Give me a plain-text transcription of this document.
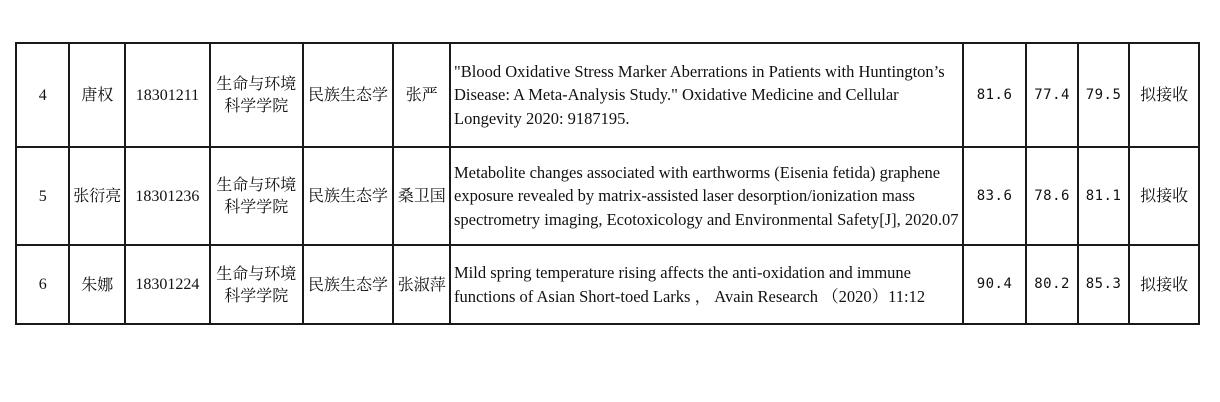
4	唐权	18301211	生命与环境科学学院	民族生态学	张严	"Blood Oxidative Stress Marker Aberrations in Patients with Huntington’s Disease: A Meta-Analysis Study." Oxidative Medicine and Cellular Longevity 2020: 9187195.	81.6	77.4	79.5	拟接收
5	张衍亮	18301236	生命与环境科学学院	民族生态学	桑卫国	Metabolite changes associated with earthworms (Eisenia fetida) graphene exposure revealed by matrix-assisted laser desorption/ionization mass spectrometry imaging, Ecotoxicology and Environmental Safety[J], 2020.07	83.6	78.6	81.1	拟接收
6	朱娜	18301224	生命与环境科学学院	民族生态学	张淑萍	Mild spring temperature rising affects the anti-oxidation and immune functions of Asian Short-toed Larks ， Avain Research （2020）11:12	90.4	80.2	85.3	拟接收
